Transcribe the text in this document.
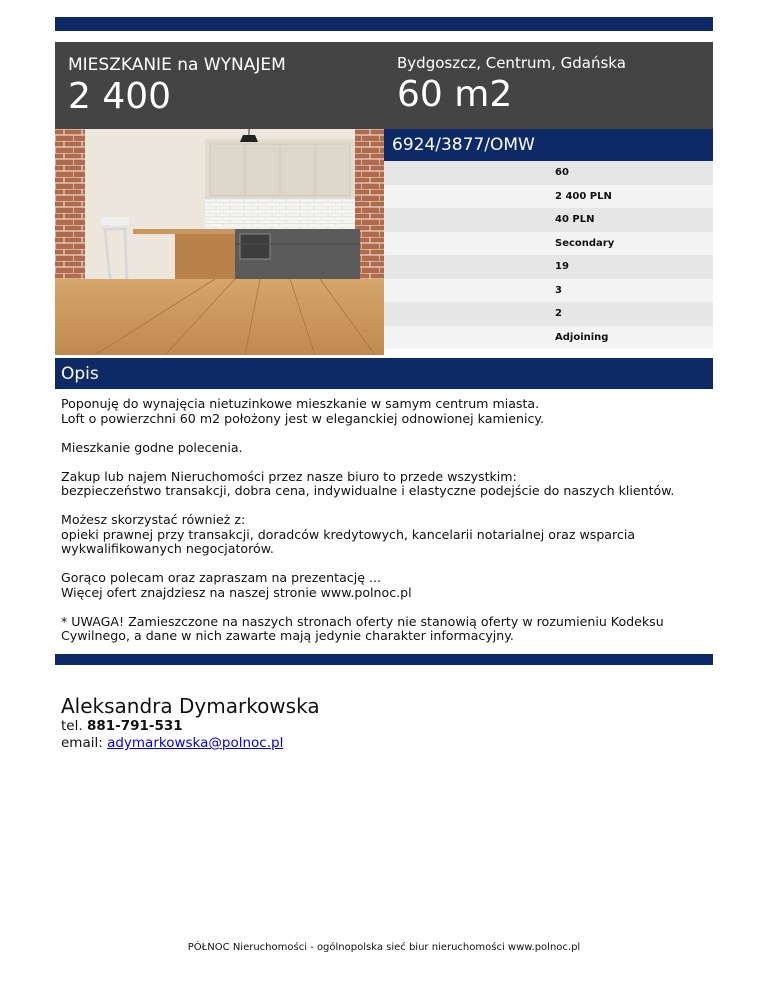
MIESZKANIE na WYNAJEM
2 400
Bydgoszcz, Centrum, Gdańska
60 m2
6924/3877/OMW
60
2 400 PLN
40 PLN
Secondary
19
3
2
Adjoining
Opis

Poponuję do wynajęcia nietuzinkowe mieszkanie w samym centrum miasta.
Loft o powierzchni 60 m2 położony jest w eleganckiej odnowionej kamienicy.

Mieszkanie godne polecenia.

Zakup lub najem Nieruchomości przez nasze biuro to przede wszystkim:
bezpieczeństwo transakcji, dobra cena, indywidualne i elastyczne podejście do naszych klientów.

Możesz skorzystać również z:
opieki prawnej przy transakcji, doradców kredytowych, kancelarii notarialnej oraz wsparcia
wykwalifikowanych negocjatorów.

Gorąco polecam oraz zapraszam na prezentację ...
Więcej ofert znajdziesz na naszej stronie www.polnoc.pl

* UWAGA! Zamieszczone na naszych stronach oferty nie stanowią oferty w rozumieniu Kodeksu
Cywilnego, a dane w nich zawarte mają jedynie charakter informacyjny.

Aleksandra Dymarkowska
tel. 881-791-531
email: adymarkowska@polnoc.pl
PÓŁNOC Nieruchomości - ogólnopolska sieć biur nieruchomości www.polnoc.pl
